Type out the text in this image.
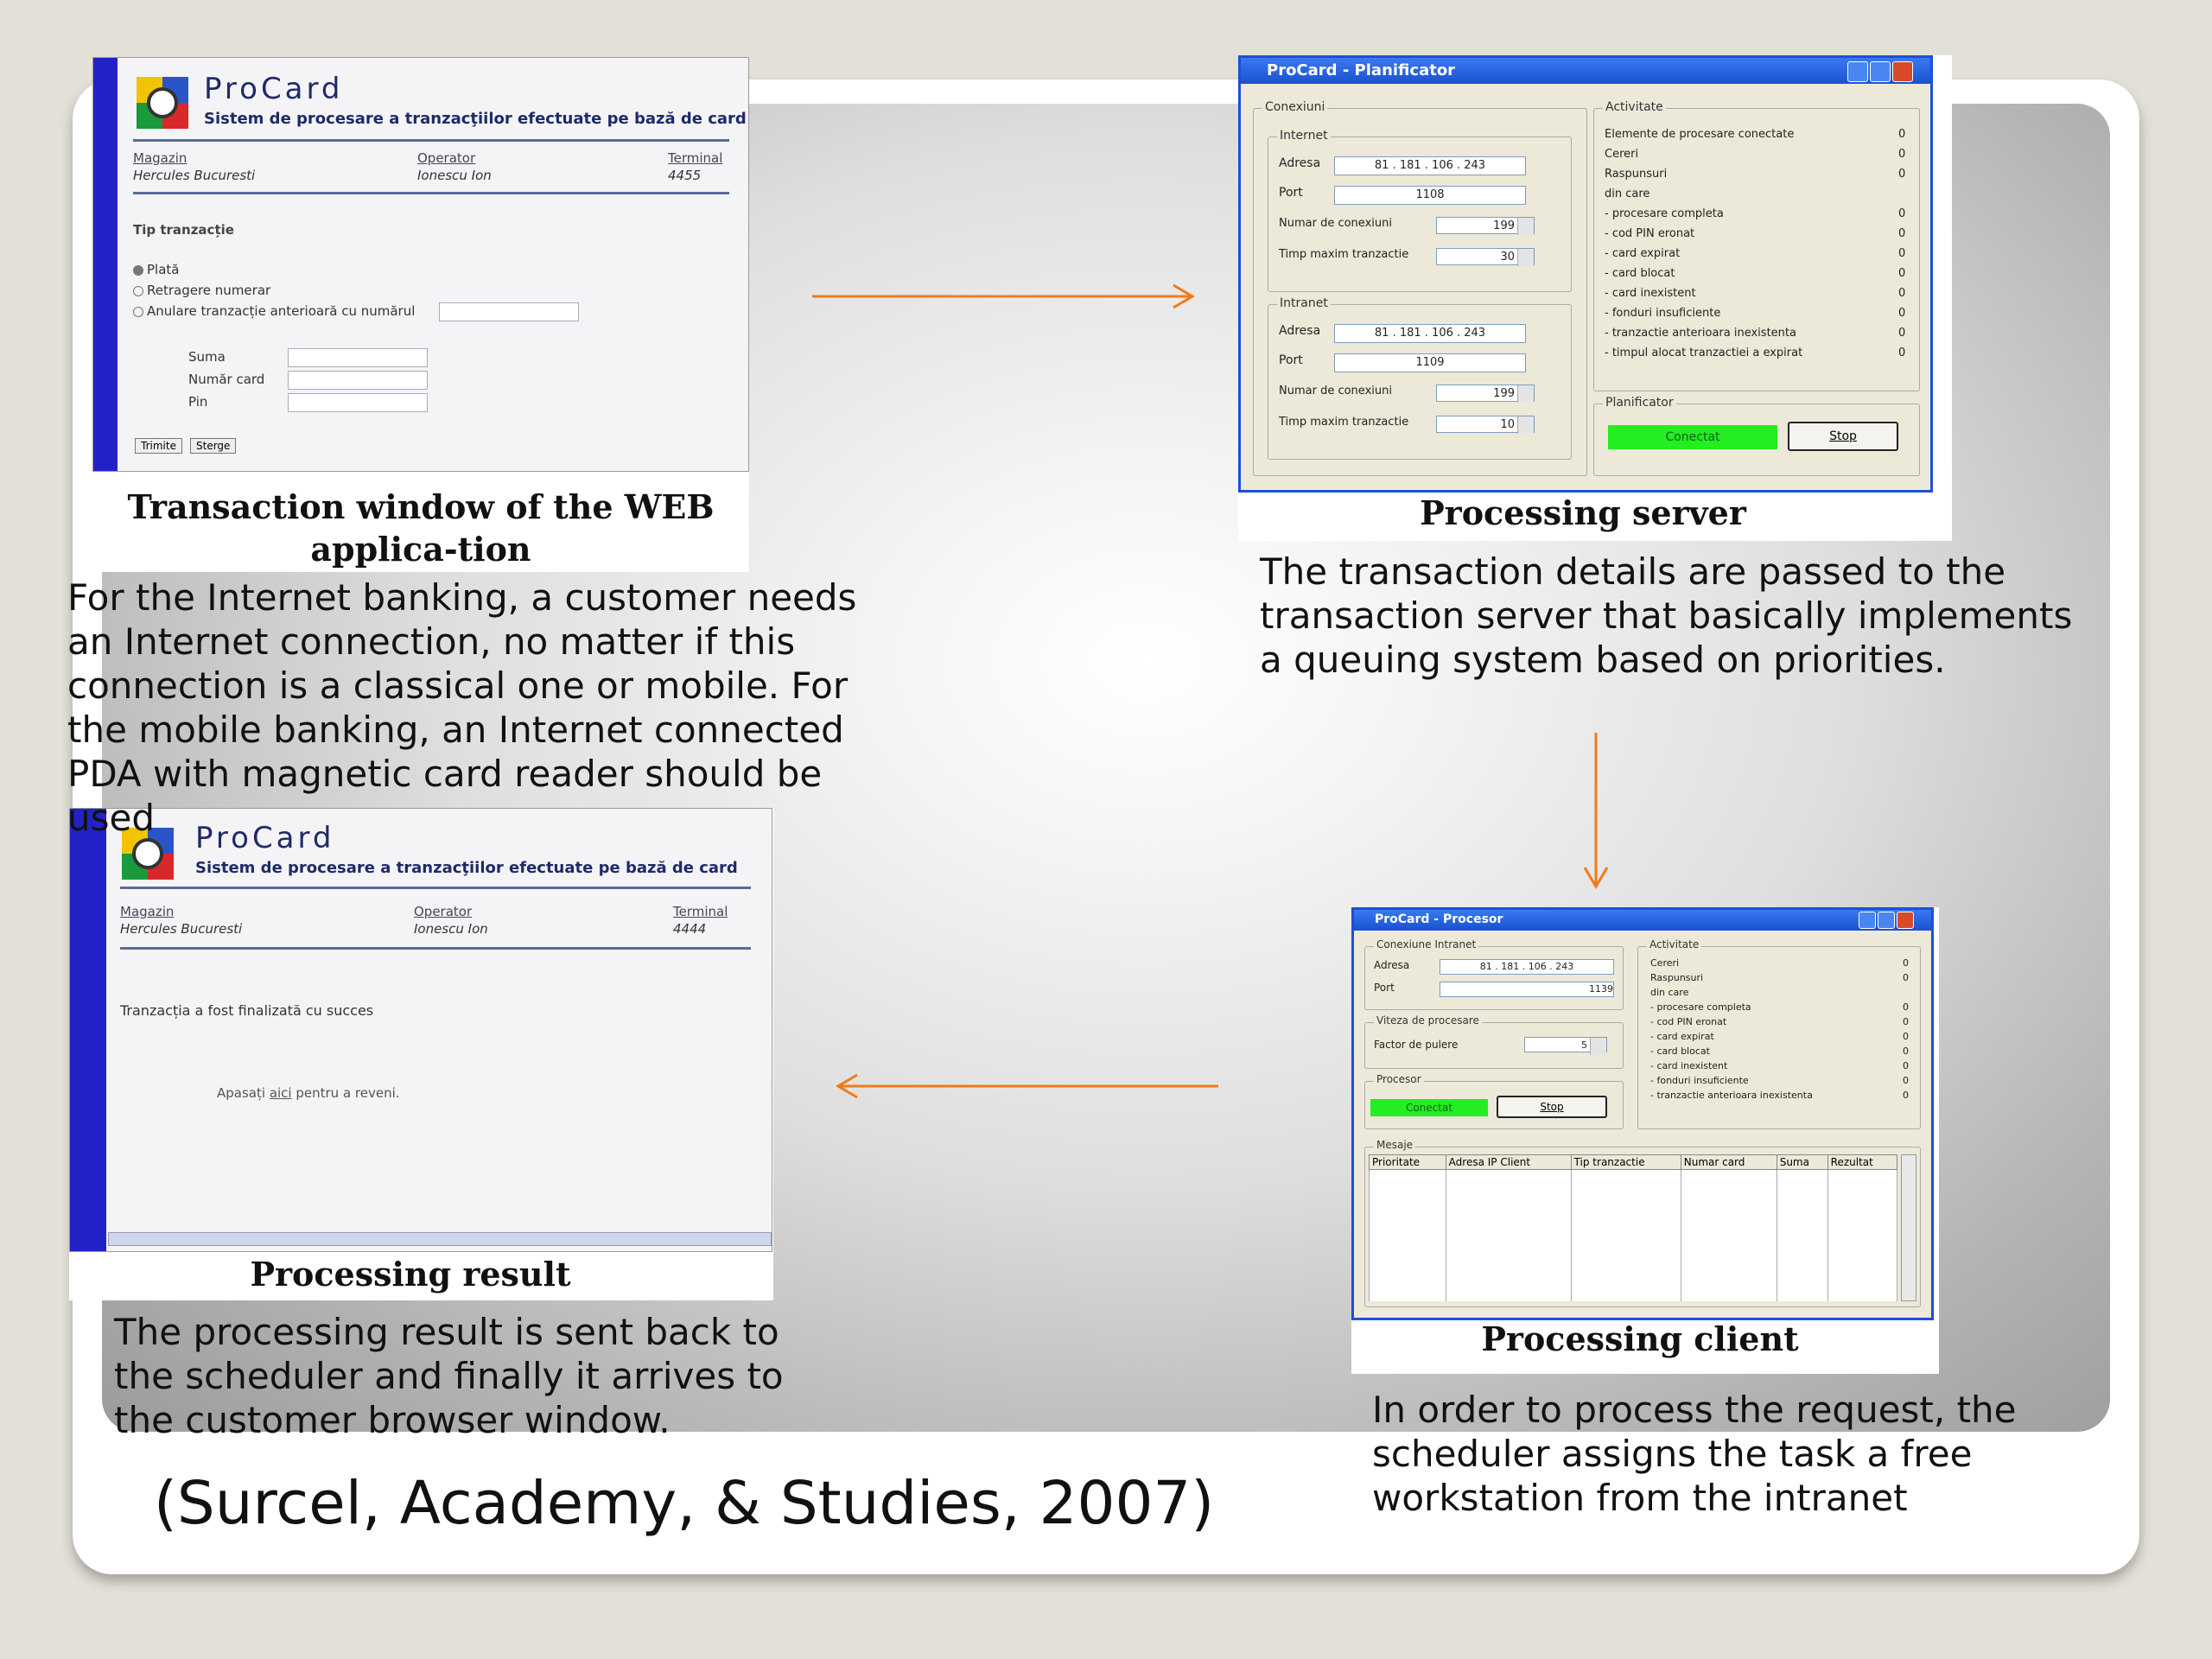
ProCard
Sistem de procesare a tranzacţiilor efectuate pe bază de card
Magazin
Hercules Bucuresti
Operator
Ionescu Ion
Terminal
4455
Tip tranzacție
Plată
Retragere numerar
Anulare tranzacție anterioară cu numărul
Suma
Număr card
Pin
Trimite	Sterge
Transaction window of the WEB applica-tion
ProCard - Planificator
Conexiuni
Internet
Adresa	81 . 181 . 106 . 243
Port	1108
Numar de conexiuni	199
Timp maxim tranzactie	30
Intranet
Adresa	81 . 181 . 106 . 243
Port	1109
Numar de conexiuni	199
Timp maxim tranzactie	10
Activitate
Elemente de procesare conectate	0
Cereri	0
Raspunsuri	0
din care
- procesare completa	0
- cod PIN eronat	0
- card expirat	0
- card blocat	0
- card inexistent	0
- fonduri insuficiente	0
- tranzactie anterioara inexistenta	0
- timpul alocat tranzactiei a expirat	0
Planificator
Conectat	Stop
Processing server
ProCard - Procesor
Conexiune Intranet
Adresa	81 . 181 . 106 . 243
Port	1139
Viteza de procesare
Factor de pulere	5
Procesor
Conectat	Stop
Activitate
Cereri	0
Raspunsuri	0
din care
- procesare completa	0
- cod PIN eronat	0
- card expirat	0
- card blocat	0
- card inexistent	0
- fonduri insuficiente	0
- tranzactie anterioara inexistenta	0
Mesaje
Prioritate	Adresa IP Client	Tip tranzactie	Numar card	Suma	Rezultat

Processing client
ProCard
Sistem de procesare a tranzacţiilor efectuate pe bază de card
Magazin
Hercules Bucuresti
Operator
Ionescu Ion
Terminal
4444
Tranzacția a fost finalizată cu succes
Apasați aici pentru a reveni.
Processing result

For the Internet banking, a customer needs an Internet connection, no matter if this connection is a classical one or mobile. For the mobile banking, an Internet connected PDA with magnetic card reader should be used

The transaction details are passed to the transaction server that basically implements a queuing system based on priorities.

The processing result is sent back to the scheduler and finally it arrives to the customer browser window.	In order to process the request, the scheduler assigns the task a free workstation from the intranet

(Surcel, Academy, & Studies, 2007)
